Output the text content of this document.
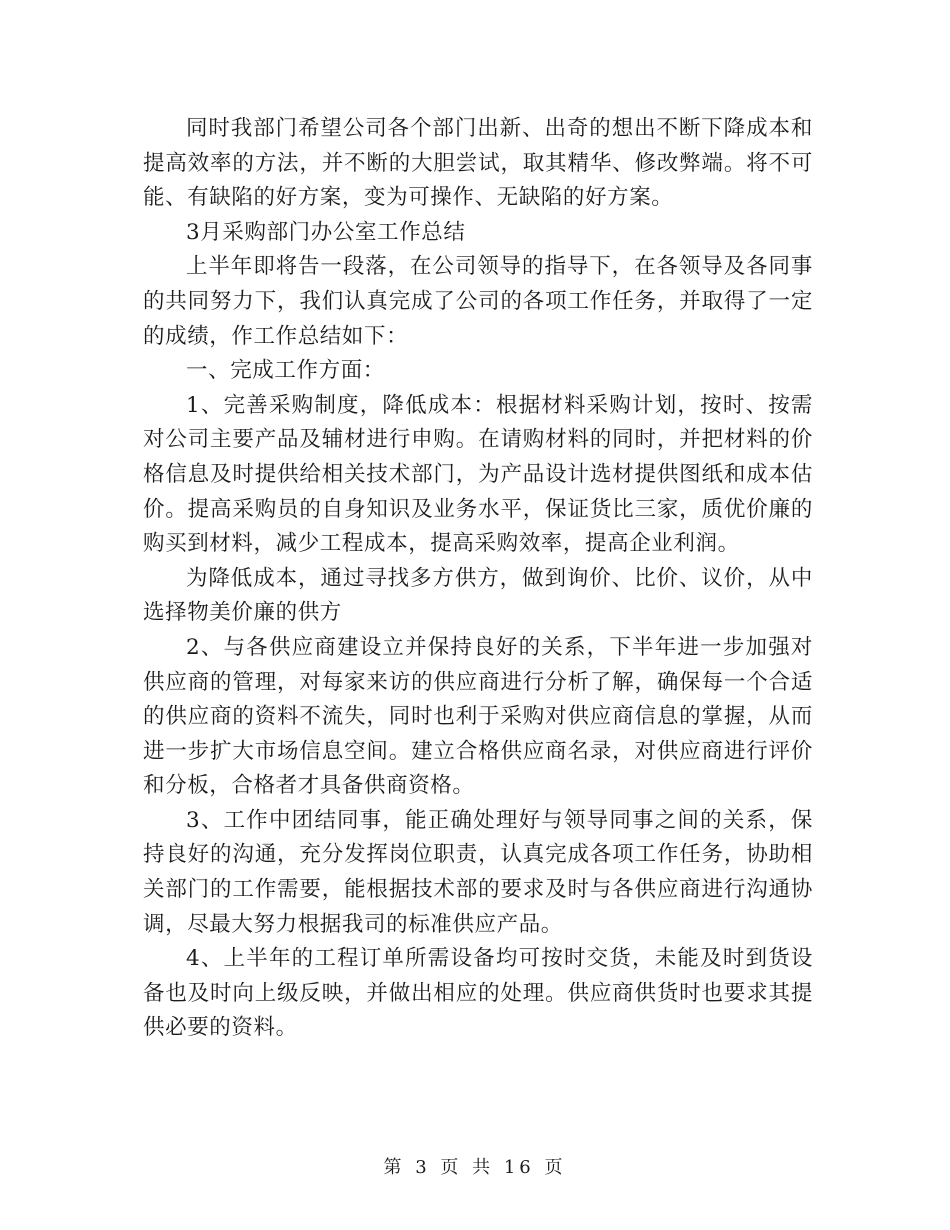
同时我部门希望公司各个部门出新、出奇的想出不断下降成本和提高效率的方法，并不断的大胆尝试，取其精华、修改弊端。将不可能、有缺陷的好方案，变为可操作、无缺陷的好方案。

3月采购部门办公室工作总结

上半年即将告一段落，在公司领导的指导下，在各领导及各同事的共同努力下，我们认真完成了公司的各项工作任务，并取得了一定的成绩，作工作总结如下：

一、完成工作方面：

1、完善采购制度，降低成本：根据材料采购计划，按时、按需对公司主要产品及辅材进行申购。在请购材料的同时，并把材料的价格信息及时提供给相关技术部门，为产品设计选材提供图纸和成本估价。提高采购员的自身知识及业务水平，保证货比三家，质优价廉的购买到材料，减少工程成本，提高采购效率，提高企业利润。

为降低成本，通过寻找多方供方，做到询价、比价、议价，从中选择物美价廉的供方

2、与各供应商建设立并保持良好的关系，下半年进一步加强对供应商的管理，对每家来访的供应商进行分析了解，确保每一个合适的供应商的资料不流失，同时也利于采购对供应商信息的掌握，从而进一步扩大市场信息空间。建立合格供应商名录，对供应商进行评价和分板，合格者才具备供商资格。

3、工作中团结同事，能正确处理好与领导同事之间的关系，保持良好的沟通，充分发挥岗位职责，认真完成各项工作任务，协助相关部门的工作需要，能根据技术部的要求及时与各供应商进行沟通协调，尽最大努力根据我司的标准供应产品。

4、上半年的工程订单所需设备均可按时交货，未能及时到货设备也及时向上级反映，并做出相应的处理。供应商供货时也要求其提供必要的资料。

第 3 页 共 16 页
